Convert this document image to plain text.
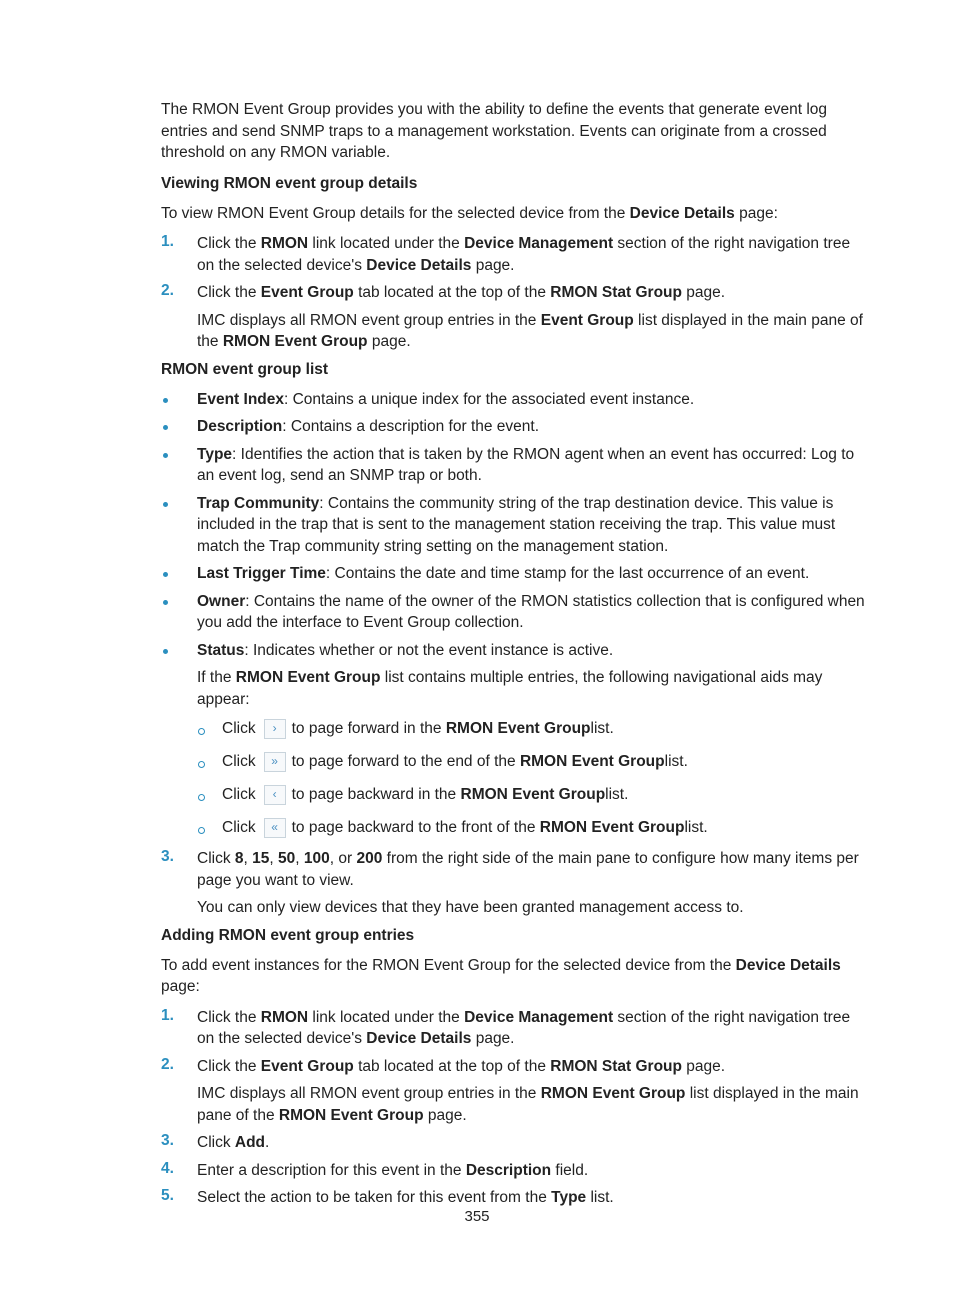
The RMON Event Group provides you with the ability to define the events that generate event log entries and send SNMP traps to a management workstation. Events can originate from a crossed threshold on any RMON variable.

Viewing RMON event group details

To view RMON Event Group details for the selected device from the Device Details page:

1. Click the RMON link located under the Device Management section of the right navigation tree on the selected device's Device Details page.

2. Click the Event Group tab located at the top of the RMON Stat Group page.

IMC displays all RMON event group entries in the Event Group list displayed in the main pane of the RMON Event Group page.

RMON event group list

Event Index: Contains a unique index for the associated event instance.

Description: Contains a description for the event.

Type: Identifies the action that is taken by the RMON agent when an event has occurred: Log to an event log, send an SNMP trap or both.

Trap Community: Contains the community string of the trap destination device. This value is included in the trap that is sent to the management station receiving the trap. This value must match the Trap community string setting on the management station.

Last Trigger Time: Contains the date and time stamp for the last occurrence of an event.

Owner: Contains the name of the owner of the RMON statistics collection that is configured when you add the interface to Event Group collection.

Status: Indicates whether or not the event instance is active.

If the RMON Event Group list contains multiple entries, the following navigational aids may appear:

Click	› to page forward in the
RMON Event Group list.
Click	» to page forward to the end of the
RMON Event Group list.
Click	‹ to page backward in the
RMON Event Group list.
Click	« to page backward to the front of the
RMON Event Group list.
3. Click 8, 15, 50, 100, or 200 from the right side of the main pane to configure how many items per page you want to view.

You can only view devices that they have been granted management access to.

Adding RMON event group entries

To add event instances for the RMON Event Group for the selected device from the Device Details page:

1. Click the RMON link located under the Device Management section of the right navigation tree on the selected device's Device Details page.

2. Click the Event Group tab located at the top of the RMON Stat Group page.

IMC displays all RMON event group entries in the RMON Event Group list displayed in the main pane of the RMON Event Group page.

3. Click Add.

4. Enter a description for this event in the Description field.

5. Select the action to be taken for this event from the Type list.

355
